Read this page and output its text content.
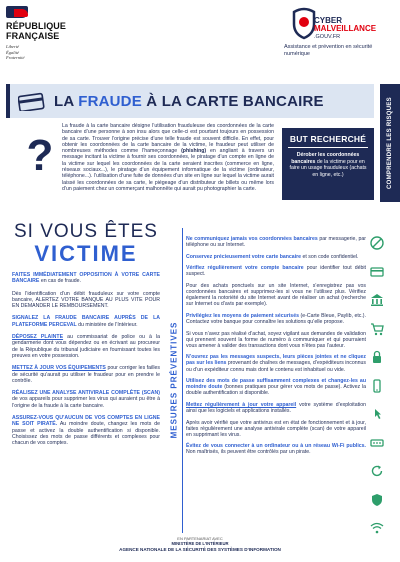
RÉPUBLIQUE
FRANÇAISE
Liberté
Égalité
Fraternité
CYBER
MALVEILLANCE
.GOUV.FR
Assistance et prévention en sécurité numérique
LA FRAUDE À LA CARTE BANCAIRE	COMPRENDRE LES RISQUES
?
La fraude à la carte bancaire désigne l’utilisation frauduleuse des coordonnées de la carte bancaire d’une personne à son insu alors que celle-ci est pourtant toujours en possession de sa carte. Trouver l’origine précise d’une telle fraude est souvent difficile. En effet, pour obtenir les coordonnées de la carte bancaire de la victime, le fraudeur peut utiliser de nombreuses méthodes comme l’hameçonnage (phishing) en angliant à travers un message incitant la victime à fournir ses coordonnées, le piratage d’un compte en ligne de la victime sur lequel les coordonnées de la carte seraient inscrites (commerce en ligne, réseaux sociaux...), le piratage d’un équipement informatique de la victime (ordinateur, téléphone...). l’utilisation d’une fuite de données d’un site en ligne sur lequel la victime aurait laissé les coordonnées de sa carte, le piégeage d’un distributeur de billets ou même lors d’un paiement chez un commerçant malhonnête qui aurait pu photographier la carte.
BUT RECHERCHÉ
Dérober les coordonnées bancaires de la victime pour en faire un usage frauduleux (achats en ligne, etc.)
SI VOUS ÊTES
VICTIME

FAITES IMMÉDIATEMENT OPPOSITION À VOTRE CARTE BANCAIRE en cas de fraude.

Dès l’identification d’un débit frauduleux sur votre compte bancaire, ALERTEZ VOTRE BANQUE AU PLUS VITE POUR EN DEMANDER LE REMBOURSEMENT.

SIGNALEZ LA FRAUDE BANCAIRE AUPRÈS DE LA PLATEFORME PERCEVAL du ministère de l’Intérieur.

DÉPOSEZ PLAINTE au commissariat de police ou à la gendarmerie dont vous dépendez ou en écrivant au procureur de la République du tribunal judiciaire en fournissant toutes les preuves en votre possession.

METTEZ À JOUR VOS ÉQUIPEMENTS pour corriger les failles de sécurité qu’aurait pu utiliser le fraudeur pour en prendre le contrôle.

RÉALISEZ UNE ANALYSE ANTIVIRALE COMPLÈTE (SCAN) de vos appareils pour supprimer les virus qui auraient pu être à l’origine de la fraude à la carte bancaire.

ASSUREZ-VOUS QU’AUCUN DE VOS COMPTES EN LIGNE NE SOIT PIRATÉ. Au moindre doute, changez les mots de passe et activez la double authentification si disponible. Choisissez des mots de passe différents et complexes pour chacun de vos comptes.

MESURES PRÉVENTIVES

Ne communiquez jamais vos coordonnées bancaires par messagerie, par téléphone ou sur Internet.

Conservez précieusement votre carte bancaire et son code confidentiel.

Vérifiez régulièrement votre compte bancaire pour identifier tout débit suspect.

Pour des achats ponctuels sur un site Internet, s’enregistrez pas vos coordonnées bancaires et supprimez-les si vous ne l’utilisez plus. Vérifiez également la notoriété du site Internet avant de réaliser un achat (recherche sur Internet ou d’avis par exemple).

Privilégiez les moyens de paiement sécurisés (e-Carte Bleue, Paylib, etc.). Contactez votre banque pour connaître les solutions qu’elle propose.

Si vous n’avez pas réalisé d’achat, soyez vigilant aux demandes de validation qui prennent souvent la forme de numéro à communiquer et qui pourraient vous amener à valider des transactions dont vous n’êtes pas l’auteur.

N’ouvrez pas les messages suspects, leurs pièces jointes et ne cliquez pas sur les liens provenant de chaînes de messages, d’expéditeurs inconnus ou d’un expéditeur connu mais dont le contenu est inhabituel ou vide.

Utilisez des mots de passe suffisamment complexes et changez-les au moindre doute (bonnes pratiques pour gérer vos mots de passe). Activez la double authentification si disponible.

Mettez régulièrement à jour votre appareil votre système d’exploitation ainsi que les logiciels et applications installés.

Après avoir vérifié que votre antivirus est en état de fonctionnement et à jour, faites régulièrement une analyse antivirale complète (scan) de votre appareil en supprimant les virus.

Évitez de vous connecter à un ordinateur ou à un réseau Wi-Fi publics. Non maîtrisés, ils peuvent être contrôlés par un pirate.

EN PARTENARIAT AVEC
MINISTÈRE DE L’INTÉRIEUR
AGENCE NATIONALE DE LA SÉCURITÉ DES SYSTÈMES D’INFORMATION
